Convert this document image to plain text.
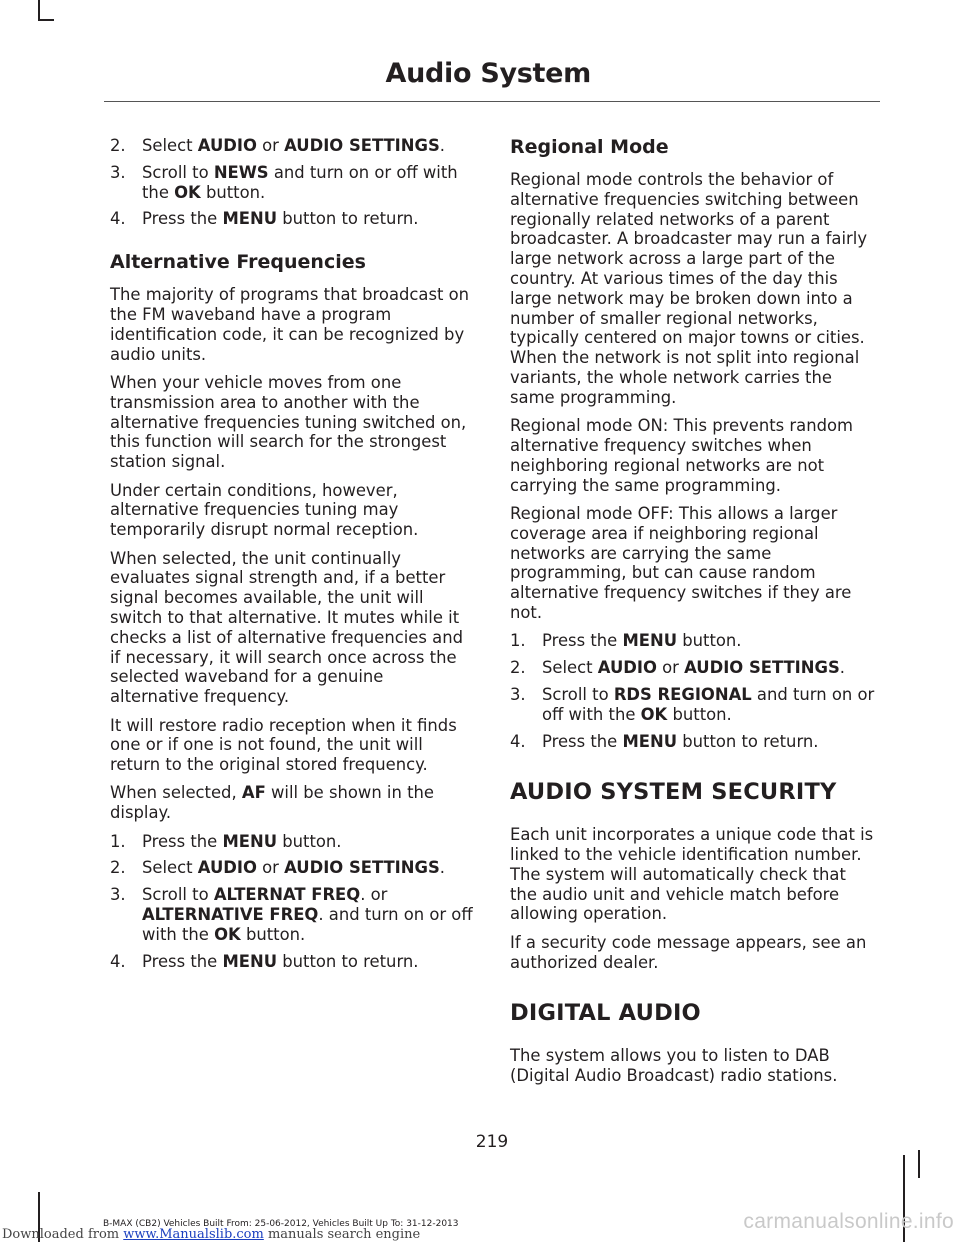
Audio System
2. Select AUDIO or AUDIO SETTINGS.
3. Scroll to NEWS and turn on or off with the OK button.
4. Press the MENU button to return.
Alternative Frequencies

The majority of programs that broadcast on the FM waveband have a program identification code, it can be recognized by audio units.

When your vehicle moves from one transmission area to another with the alternative frequencies tuning switched on, this function will search for the strongest station signal.

Under certain conditions, however, alternative frequencies tuning may temporarily disrupt normal reception.

When selected, the unit continually evaluates signal strength and, if a better signal becomes available, the unit will switch to that alternative. It mutes while it checks a list of alternative frequencies and if necessary, it will search once across the selected waveband for a genuine alternative frequency.

It will restore radio reception when it finds one or if one is not found, the unit will return to the original stored frequency.

When selected, AF will be shown in the display.

1. Press the MENU button.
2. Select AUDIO or AUDIO SETTINGS.
3. Scroll to ALTERNAT FREQ. or ALTERNATIVE FREQ. and turn on or off with the OK button.
4. Press the MENU button to return.
Regional Mode

Regional mode controls the behavior of alternative frequencies switching between regionally related networks of a parent broadcaster. A broadcaster may run a fairly large network across a large part of the country. At various times of the day this large network may be broken down into a number of smaller regional networks, typically centered on major towns or cities. When the network is not split into regional variants, the whole network carries the same programming.

Regional mode ON: This prevents random alternative frequency switches when neighboring regional networks are not carrying the same programming.

Regional mode OFF: This allows a larger coverage area if neighboring regional networks are carrying the same programming, but can cause random alternative frequency switches if they are not.

1. Press the MENU button.
2. Select AUDIO or AUDIO SETTINGS.
3. Scroll to RDS REGIONAL and turn on or off with the OK button.
4. Press the MENU button to return.
AUDIO SYSTEM SECURITY

Each unit incorporates a unique code that is linked to the vehicle identification number. The system will automatically check that the audio unit and vehicle match before allowing operation.

If a security code message appears, see an authorized dealer.

DIGITAL AUDIO

The system allows you to listen to DAB (Digital Audio Broadcast) radio stations.

219
B-MAX (CB2) Vehicles Built From: 25-06-2012, Vehicles Built Up To: 31-12-2013
Downloaded from www.Manualslib.com manuals search engine
carmanualsonline.info
